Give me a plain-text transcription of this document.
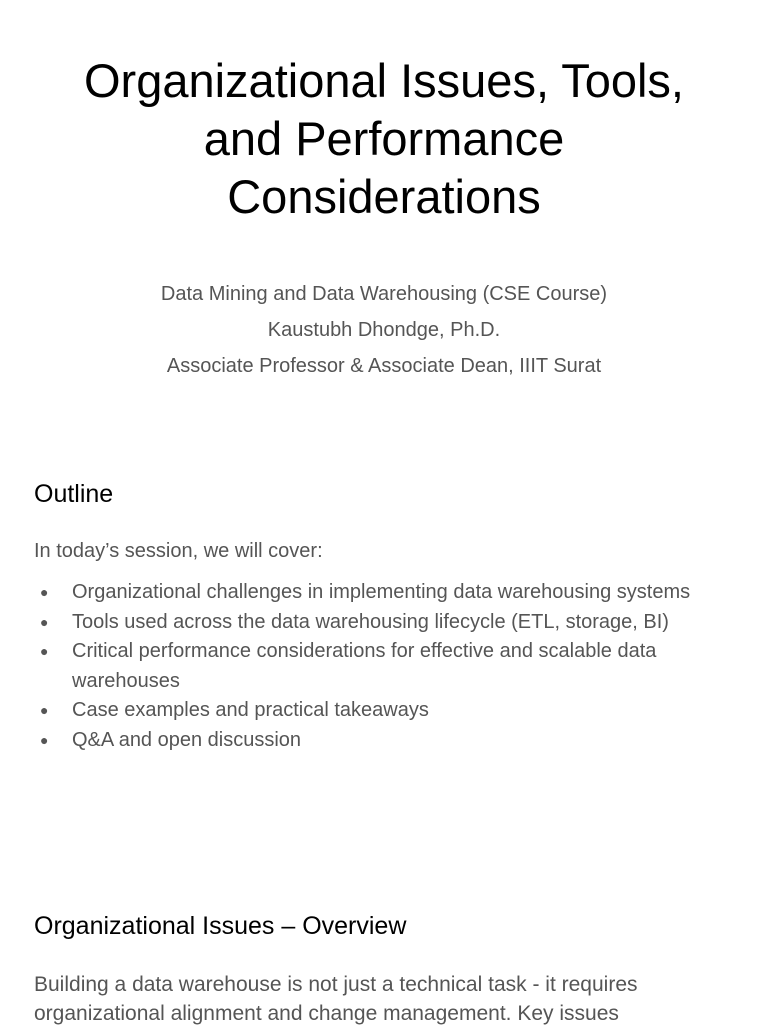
Organizational Issues, Tools,
and Performance
Considerations
Data Mining and Data Warehousing (CSE Course)
Kaustubh Dhondge, Ph.D.
Associate Professor & Associate Dean, IIIT Surat
Outline

In today’s session, we will cover:

● Organizational challenges in implementing data warehousing systems
● Tools used across the data warehousing lifecycle (ETL, storage, BI)
● Critical performance considerations for effective and scalable data warehouses
● Case examples and practical takeaways
● Q&A and open discussion
Organizational Issues – Overview

Building a data warehouse is not just a technical task - it requires organizational alignment and change management. Key issues
